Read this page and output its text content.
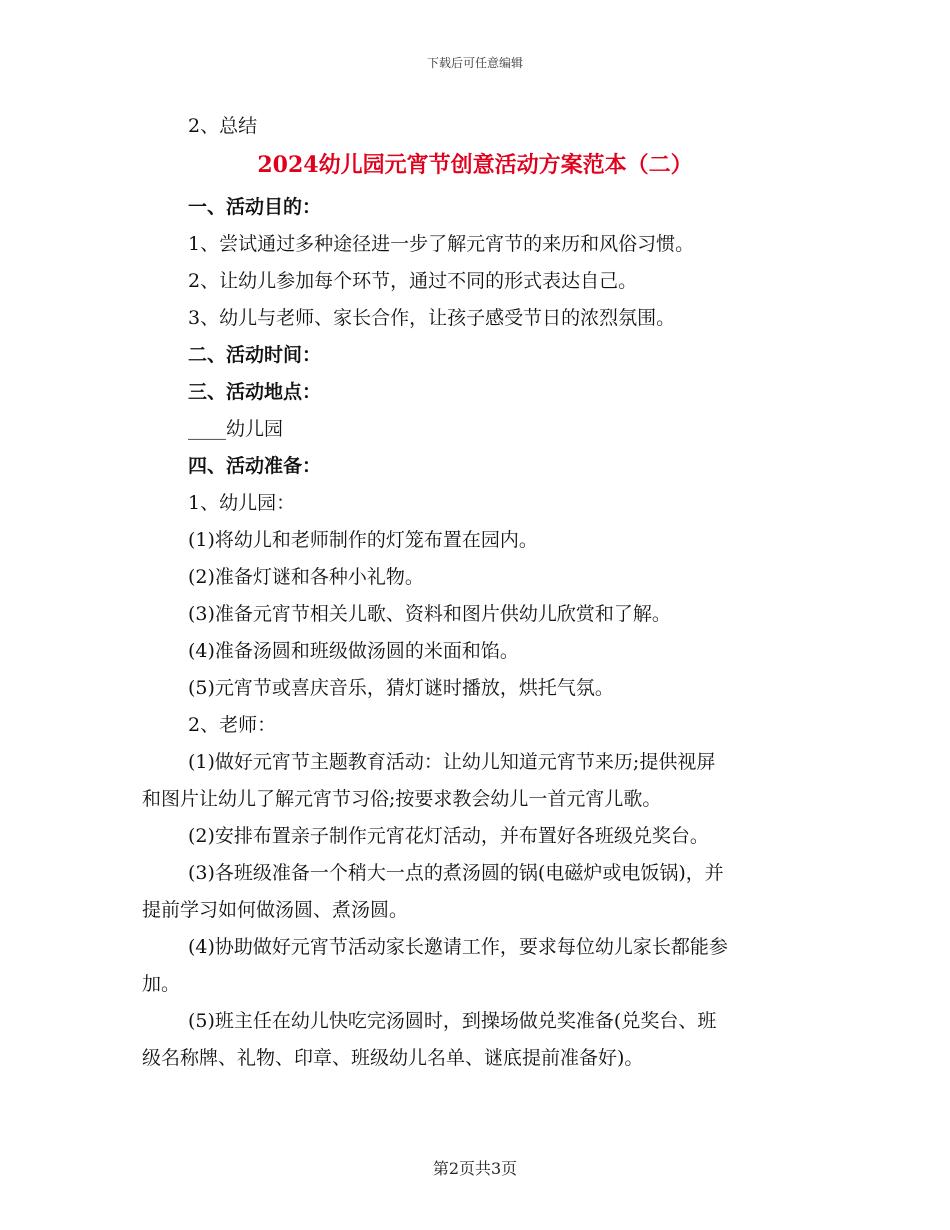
下载后可任意编辑
2、总结
2024幼儿园元宵节创意活动方案范本（二）
一、活动目的：
1、尝试通过多种途径进一步了解元宵节的来历和风俗习惯。
2、让幼儿参加每个环节，通过不同的形式表达自己。
3、幼儿与老师、家长合作，让孩子感受节日的浓烈氛围。
二、活动时间：
三、活动地点：
____幼儿园
四、活动准备：
1、幼儿园：
(1)将幼儿和老师制作的灯笼布置在园内。
(2)准备灯谜和各种小礼物。
(3)准备元宵节相关儿歌、资料和图片供幼儿欣赏和了解。
(4)准备汤圆和班级做汤圆的米面和馅。
(5)元宵节或喜庆音乐，猜灯谜时播放，烘托气氛。
2、老师：
(1)做好元宵节主题教育活动：让幼儿知道元宵节来历;提供视屏
和图片让幼儿了解元宵节习俗;按要求教会幼儿一首元宵儿歌。
(2)安排布置亲子制作元宵花灯活动，并布置好各班级兑奖台。
(3)各班级准备一个稍大一点的煮汤圆的锅(电磁炉或电饭锅)，并
提前学习如何做汤圆、煮汤圆。
(4)协助做好元宵节活动家长邀请工作，要求每位幼儿家长都能参
加。
(5)班主任在幼儿快吃完汤圆时，到操场做兑奖准备(兑奖台、班
级名称牌、礼物、印章、班级幼儿名单、谜底提前准备好)。
第2页共3页
